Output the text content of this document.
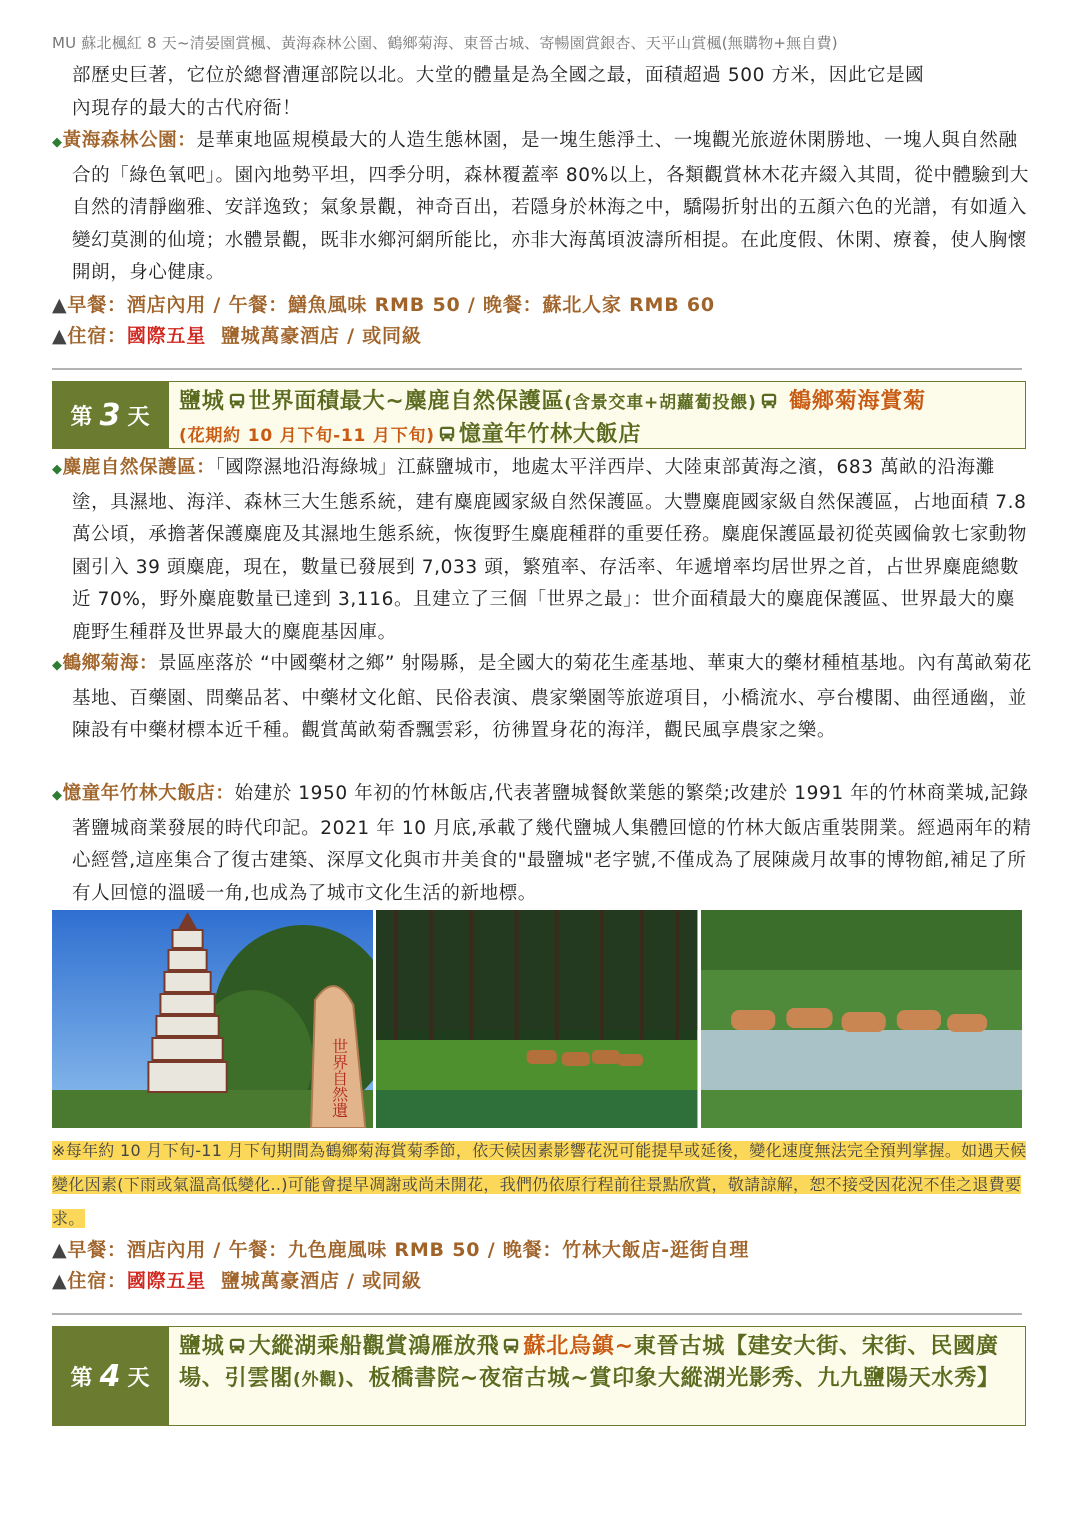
MU 蘇北楓紅 8 天~清晏園賞楓、黃海森林公園、鶴鄉菊海、東晉古城、寄暢園賞銀杏、天平山賞楓(無購物+無自費)
部歷史巨著，它位於總督漕運部院以北。大堂的體量是為全國之最，面積超過 500 方米，因此它是國
內現存的最大的古代府衙！
◆黃海森林公園：是華東地區規模最大的人造生態林園，是一塊生態淨土、一塊觀光旅遊休閑勝地、一塊人與自然融合的「綠色氧吧」。園內地勢平坦，四季分明，森林覆蓋率 80%以上，各類觀賞林木花卉綴入其間，從中體驗到大自然的清靜幽雅、安詳逸致；氣象景觀，神奇百出，若隱身於林海之中，驕陽折射出的五顏六色的光譜，有如遁入變幻莫測的仙境；水體景觀，既非水鄉河網所能比，亦非大海萬頃波濤所相提。在此度假、休閑、療養，使人胸懷開朗，身心健康。
▲早餐：酒店內用 / 午餐：鱔魚風味 RMB 50 / 晚餐：蘇北人家 RMB 60
▲住宿：國際五星 鹽城萬豪酒店 / 或同級
第 3 天
鹽城 世界面積最大~麋鹿自然保護區(含景交車+胡蘿蔔投餵) 鶴鄉菊海賞菊
(花期約 10 月下旬-11 月下旬) 憶童年竹林大飯店
◆麋鹿自然保護區：「國際濕地沿海綠城」江蘇鹽城市，地處太平洋西岸、大陸東部黃海之濱，683 萬畝的沿海灘塗，具濕地、海洋、森林三大生態系統，建有麋鹿國家級自然保護區。大豐麋鹿國家級自然保護區，占地面積 7.8 萬公頃，承擔著保護麋鹿及其濕地生態系統，恢復野生麋鹿種群的重要任務。麋鹿保護區最初從英國倫敦七家動物園引入 39 頭麋鹿，現在，數量已發展到 7,033 頭，繁殖率、存活率、年遞增率均居世界之首，占世界麋鹿總數近 70%，野外麋鹿數量已達到 3,116。且建立了三個「世界之最」：世介面積最大的麋鹿保護區、世界最大的麋鹿野生種群及世界最大的麋鹿基因庫。
◆鶴鄉菊海：景區座落於 “中國藥材之鄉” 射陽縣，是全國大的菊花生產基地、華東大的藥材種植基地。內有萬畝菊花基地、百藥園、問藥品茗、中藥材文化館、民俗表演、農家樂園等旅遊項目，小橋流水、亭台樓閣、曲徑通幽，並陳設有中藥材標本近千種。觀賞萬畝菊香飄雲彩，彷彿置身花的海洋，觀民風享農家之樂。
◆憶童年竹林大飯店：始建於 1950 年初的竹林飯店,代表著鹽城餐飲業態的繁榮;改建於 1991 年的竹林商業城,記錄著鹽城商業發展的時代印記。2021 年 10 月底,承載了幾代鹽城人集體回憶的竹林大飯店重裝開業。經過兩年的精心經營,這座集合了復古建築、深厚文化與市井美食的"最鹽城"老字號,不僅成為了展陳歲月故事的博物館,補足了所有人回憶的溫暖一角,也成為了城市文化生活的新地標。
世界自然遺
※每年約 10 月下旬-11 月下旬期間為鶴鄉菊海賞菊季節，依天候因素影響花況可能提早或延後，變化速度無法完全預判掌握。如遇天候變化因素(下雨或氣溫高低變化..)可能會提早凋謝或尚未開花，我們仍依原行程前往景點欣賞，敬請諒解，恕不接受因花況不佳之退費要求。
▲早餐：酒店內用 / 午餐：九色鹿風味 RMB 50 / 晚餐：竹林大飯店-逛街自理
▲住宿：國際五星 鹽城萬豪酒店 / 或同級
第 4 天
鹽城 大縱湖乘船觀賞鴻雁放飛 蘇北烏鎮~東晉古城【建安大街、宋街、民國廣場、引雲閣(外觀)、板橋書院~夜宿古城~賞印象大縱湖光影秀、九九鹽陽天水秀】
